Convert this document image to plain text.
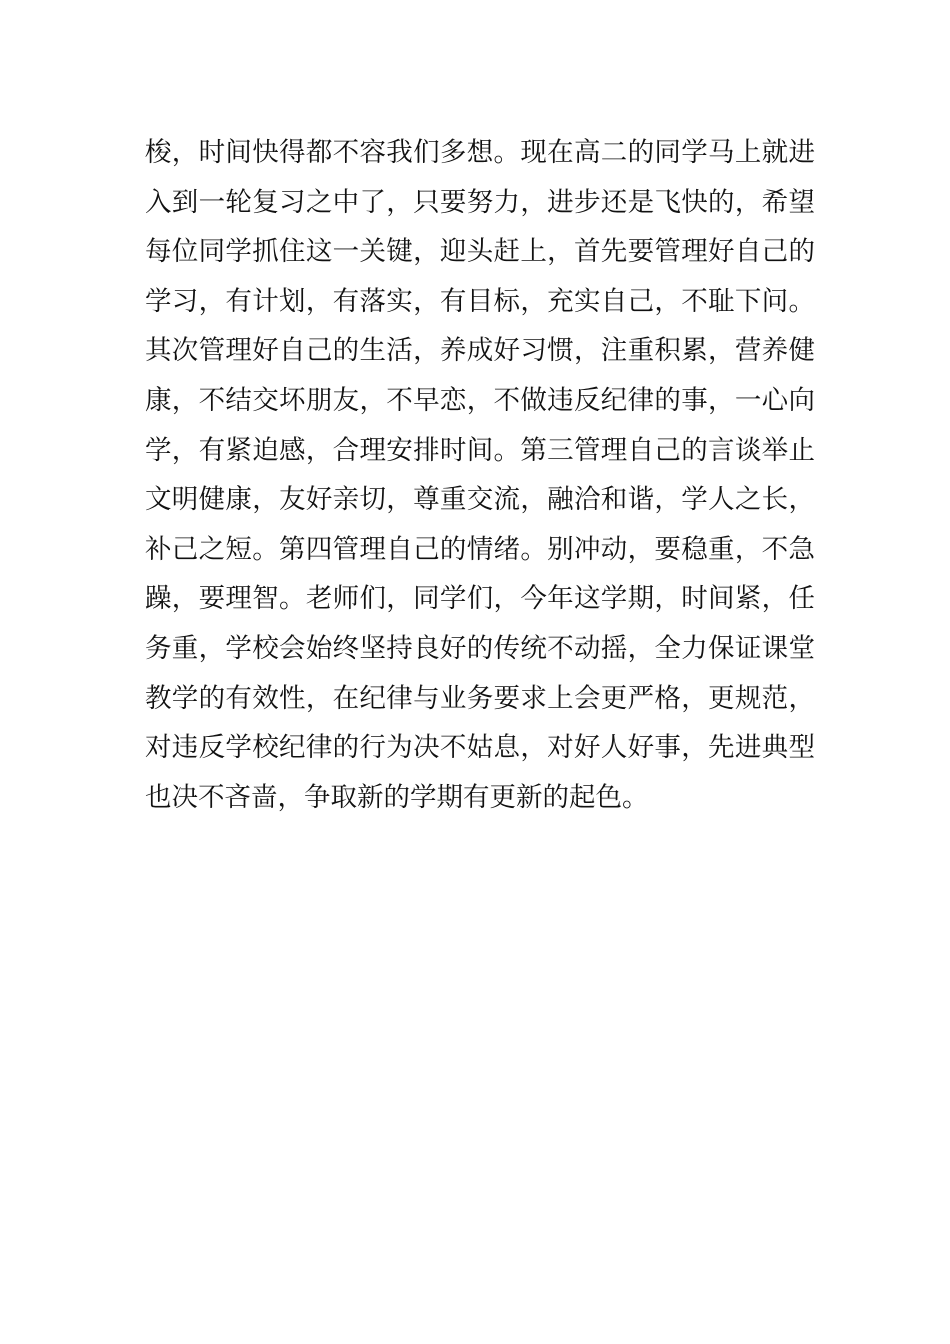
梭，时间快得都不容我们多想。现在高二的同学马上就进
入到一轮复习之中了，只要努力，进步还是飞快的，希望
每位同学抓住这一关键，迎头赶上，首先要管理好自己的
学习，有计划，有落实，有目标，充实自己，不耻下问。
其次管理好自己的生活，养成好习惯，注重积累，营养健
康，不结交坏朋友，不早恋，不做违反纪律的事，一心向
学，有紧迫感，合理安排时间。第三管理自己的言谈举止
文明健康，友好亲切，尊重交流，融洽和谐，学人之长，
补己之短。第四管理自己的情绪。别冲动，要稳重，不急
躁，要理智。老师们，同学们，今年这学期，时间紧，任
务重，学校会始终坚持良好的传统不动摇，全力保证课堂
教学的有效性，在纪律与业务要求上会更严格，更规范，
对违反学校纪律的行为决不姑息，对好人好事，先进典型
也决不吝啬，争取新的学期有更新的起色。
